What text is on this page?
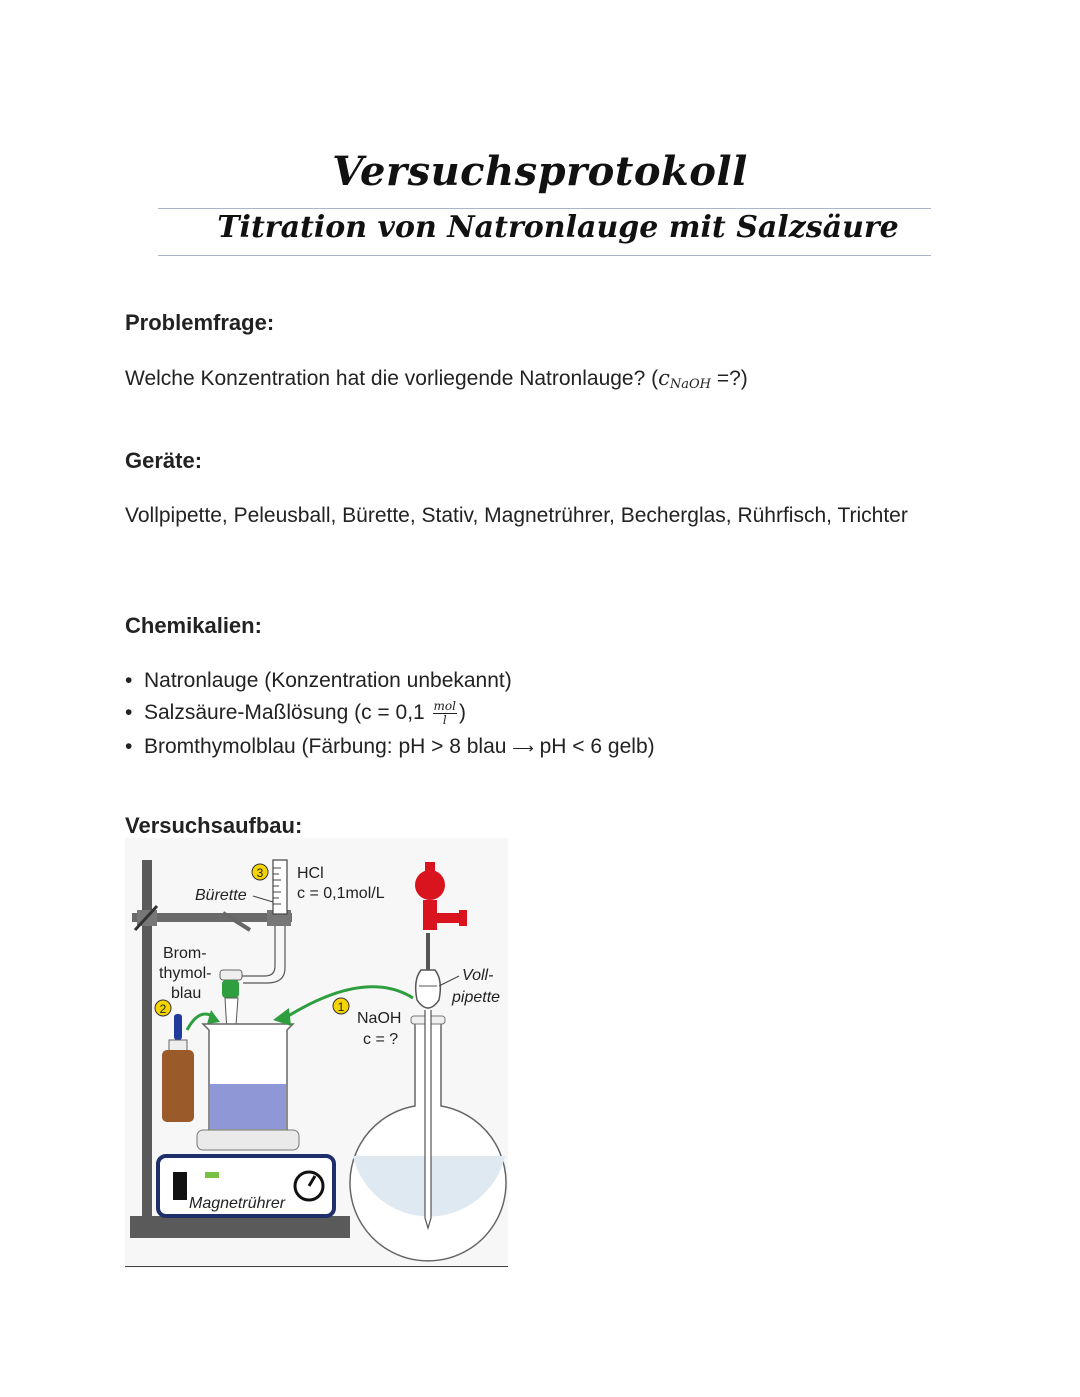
Versuchsprotokoll
Titration von Natronlauge mit Salzsäure
Problemfrage:
Welche Konzentration hat die vorliegende Natronlauge? (cNaOH =?)
Geräte:
Vollpipette, Peleusball, Bürette, Stativ, Magnetrührer, Becherglas, Rührfisch, Trichter
Chemikalien:
• Natronlauge (Konzentration unbekannt)
• Salzsäure-Maßlösung ($c = 0,1 \frac{\text{mol}}{l}$ )
• Bromthymolblau (Färbung: pH > 8 blau ⟶ pH < 6 gelb)
Versuchsaufbau:
3
Bürette
HCl
c = 0,1mol/L
Brom-
thymol-
blau
2
Magnetrührer
1
NaOH
c = ?
Voll-
pipette
